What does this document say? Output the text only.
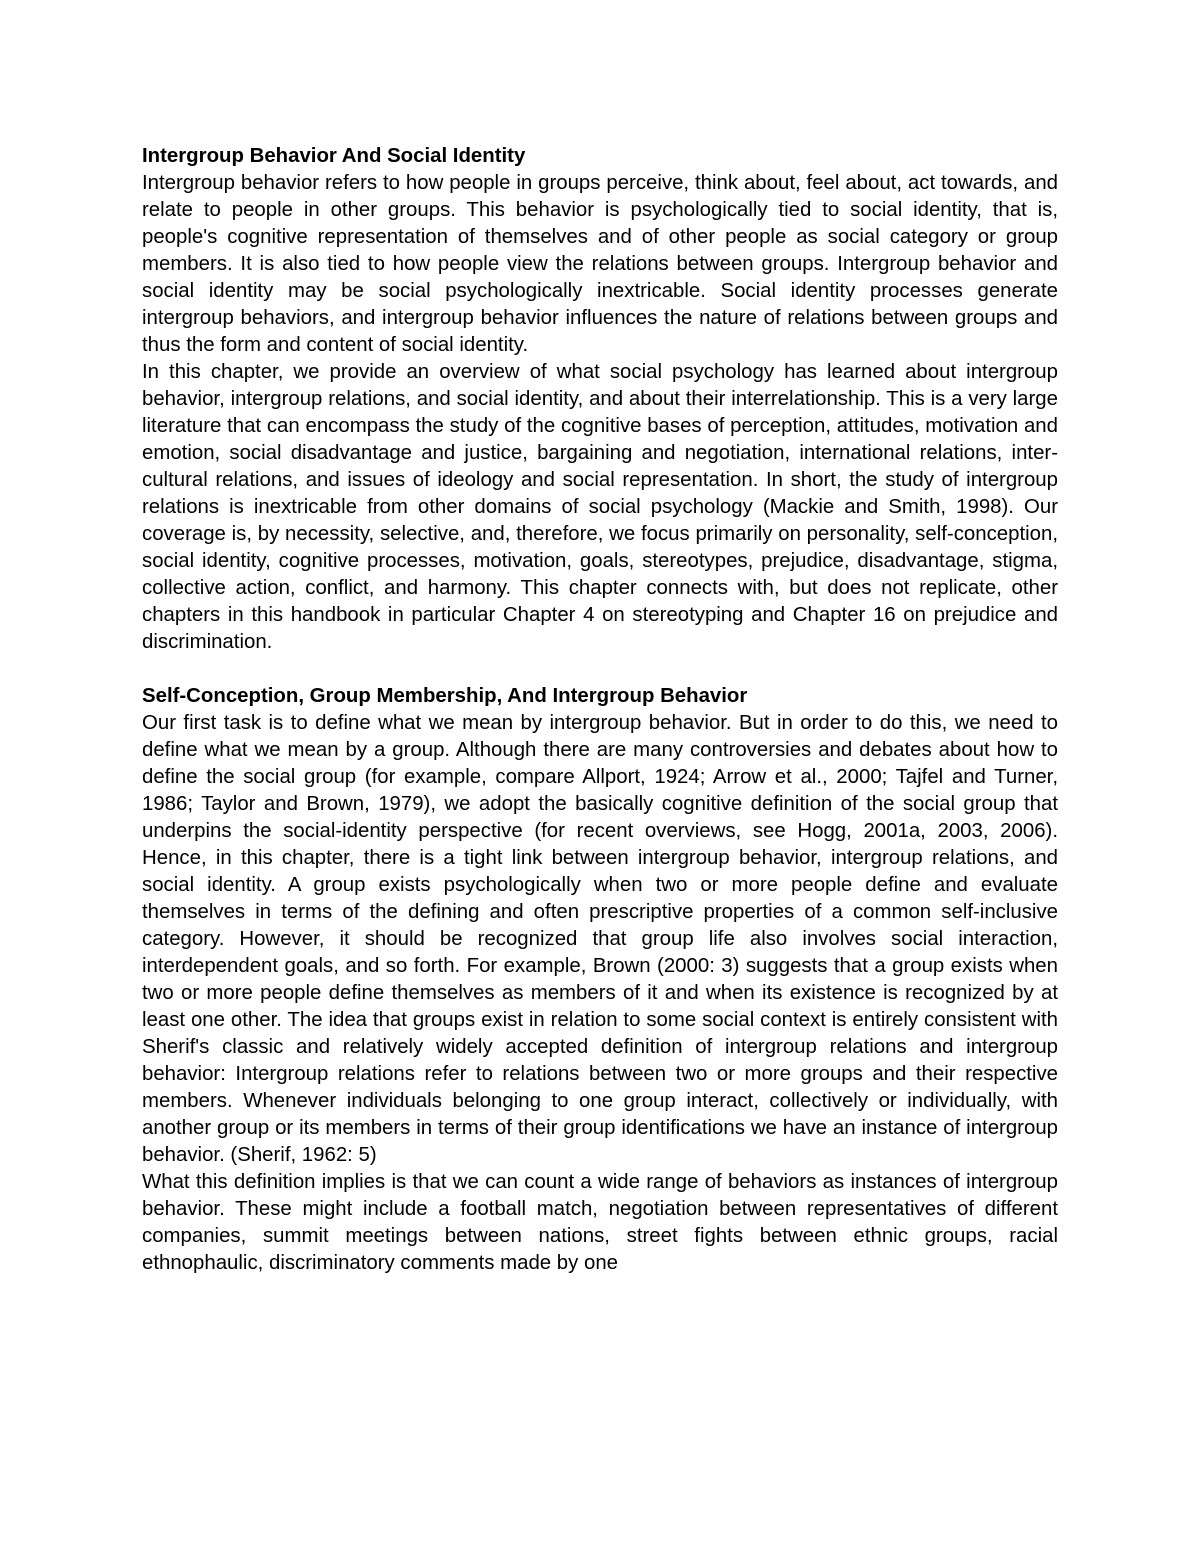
Intergroup Behavior And Social Identity

Intergroup behavior refers to how people in groups perceive, think about, feel about, act towards, and relate to people in other groups. This behavior is psychologically tied to social identity, that is, people's cognitive representation of themselves and of other people as social category or group members. It is also tied to how people view the relations between groups. Intergroup behavior and social identity may be social psychologically inextricable. Social identity processes generate intergroup behaviors, and intergroup behavior influences the nature of relations between groups and thus the form and content of social identity.

In this chapter, we provide an overview of what social psychology has learned about intergroup behavior, intergroup relations, and social identity, and about their interrelationship. This is a very large literature that can encompass the study of the cognitive bases of perception, attitudes, motivation and emotion, social disadvantage and justice, bargaining and negotiation, international relations, inter-cultural relations, and issues of ideology and social representation. In short, the study of intergroup relations is inextricable from other domains of social psychology (Mackie and Smith, 1998). Our coverage is, by necessity, selective, and, therefore, we focus primarily on personality, self-conception, social identity, cognitive processes, motivation, goals, stereotypes, prejudice, disadvantage, stigma, collective action, conflict, and harmony. This chapter connects with, but does not replicate, other chapters in this handbook in particular Chapter 4 on stereotyping and Chapter 16 on prejudice and discrimination.

Self-Conception, Group Membership, And Intergroup Behavior

Our first task is to define what we mean by intergroup behavior. But in order to do this, we need to define what we mean by a group. Although there are many controversies and debates about how to define the social group (for example, compare Allport, 1924; Arrow et al., 2000; Tajfel and Turner, 1986; Taylor and Brown, 1979), we adopt the basically cognitive definition of the social group that underpins the social-identity perspective (for recent overviews, see Hogg, 2001a, 2003, 2006). Hence, in this chapter, there is a tight link between intergroup behavior, intergroup relations, and social identity. A group exists psychologically when two or more people define and evaluate themselves in terms of the defining and often prescriptive properties of a common self-inclusive category. However, it should be recognized that group life also involves social interaction, interdependent goals, and so forth. For example, Brown (2000: 3) suggests that a group exists when two or more people define themselves as members of it and when its existence is recognized by at least one other. The idea that groups exist in relation to some social context is entirely consistent with Sherif's classic and relatively widely accepted definition of intergroup relations and intergroup behavior: Intergroup relations refer to relations between two or more groups and their respective members. Whenever individuals belonging to one group interact, collectively or individually, with another group or its members in terms of their group identifications we have an instance of intergroup behavior. (Sherif, 1962: 5)

What this definition implies is that we can count a wide range of behaviors as instances of intergroup behavior. These might include a football match, negotiation between representatives of different companies, summit meetings between nations, street fights between ethnic groups, racial ethnophaulic, discriminatory comments made by one
